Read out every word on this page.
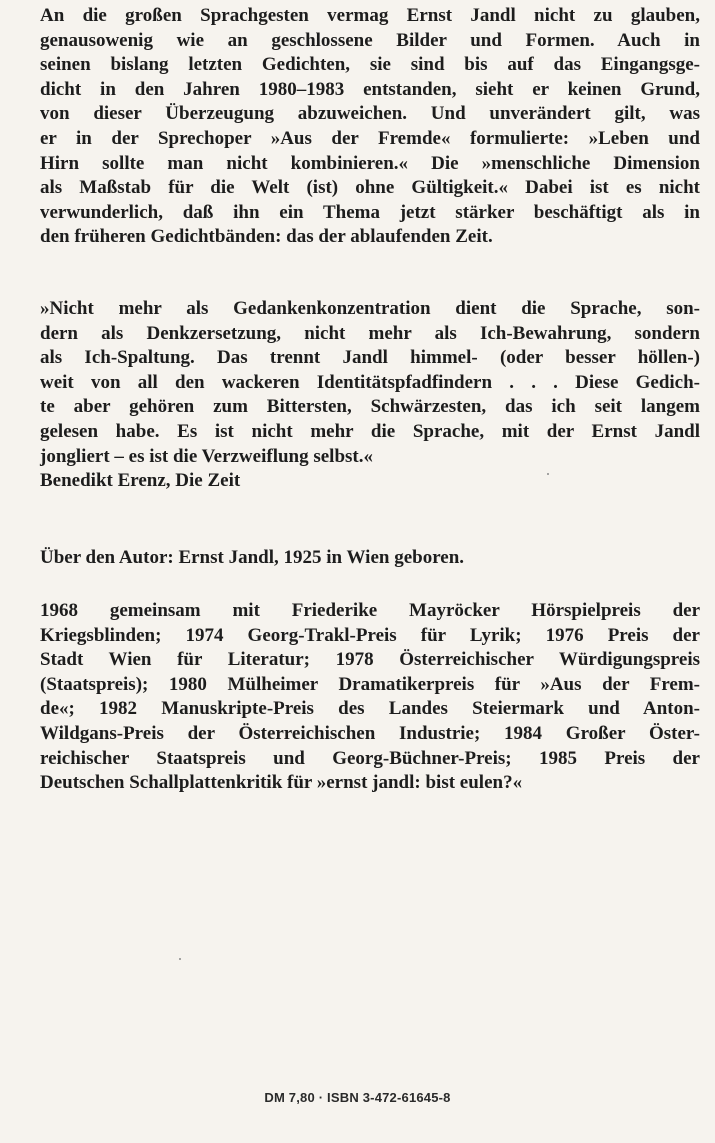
An die großen Sprachgesten vermag Ernst Jandl nicht zu glauben,
genausowenig wie an geschlossene Bilder und Formen. Auch in
seinen bislang letzten Gedichten, sie sind bis auf das Eingangsge-
dicht in den Jahren 1980–1983 entstanden, sieht er keinen Grund,
von dieser Überzeugung abzuweichen. Und unverändert gilt, was
er in der Sprechoper »Aus der Fremde« formulierte: »Leben und
Hirn sollte man nicht kombinieren.« Die »menschliche Dimension
als Maßstab für die Welt (ist) ohne Gültigkeit.« Dabei ist es nicht
verwunderlich, daß ihn ein Thema jetzt stärker beschäftigt als in
den früheren Gedichtbänden: das der ablaufenden Zeit.
»Nicht mehr als Gedankenkonzentration dient die Sprache, son-
dern als Denkzersetzung, nicht mehr als Ich-Bewahrung, sondern
als Ich-Spaltung. Das trennt Jandl himmel- (oder besser höllen-)
weit von all den wackeren Identitätspfadfindern . . . Diese Gedich-
te aber gehören zum Bittersten, Schwärzesten, das ich seit langem
gelesen habe. Es ist nicht mehr die Sprache, mit der Ernst Jandl
jongliert – es ist die Verzweiflung selbst.«
Benedikt Erenz, Die Zeit
Über den Autor: Ernst Jandl, 1925 in Wien geboren.
1968 gemeinsam mit Friederike Mayröcker Hörspielpreis der
Kriegsblinden; 1974 Georg-Trakl-Preis für Lyrik; 1976 Preis der
Stadt Wien für Literatur; 1978 Österreichischer Würdigungspreis
(Staatspreis); 1980 Mülheimer Dramatikerpreis für »Aus der Frem-
de«; 1982 Manuskripte-Preis des Landes Steiermark und Anton-
Wildgans-Preis der Österreichischen Industrie; 1984 Großer Öster-
reichischer Staatspreis und Georg-Büchner-Preis; 1985 Preis der
Deutschen Schallplattenkritik für »ernst jandl: bist eulen?«
DM 7,80 · ISBN 3-472-61645-8
